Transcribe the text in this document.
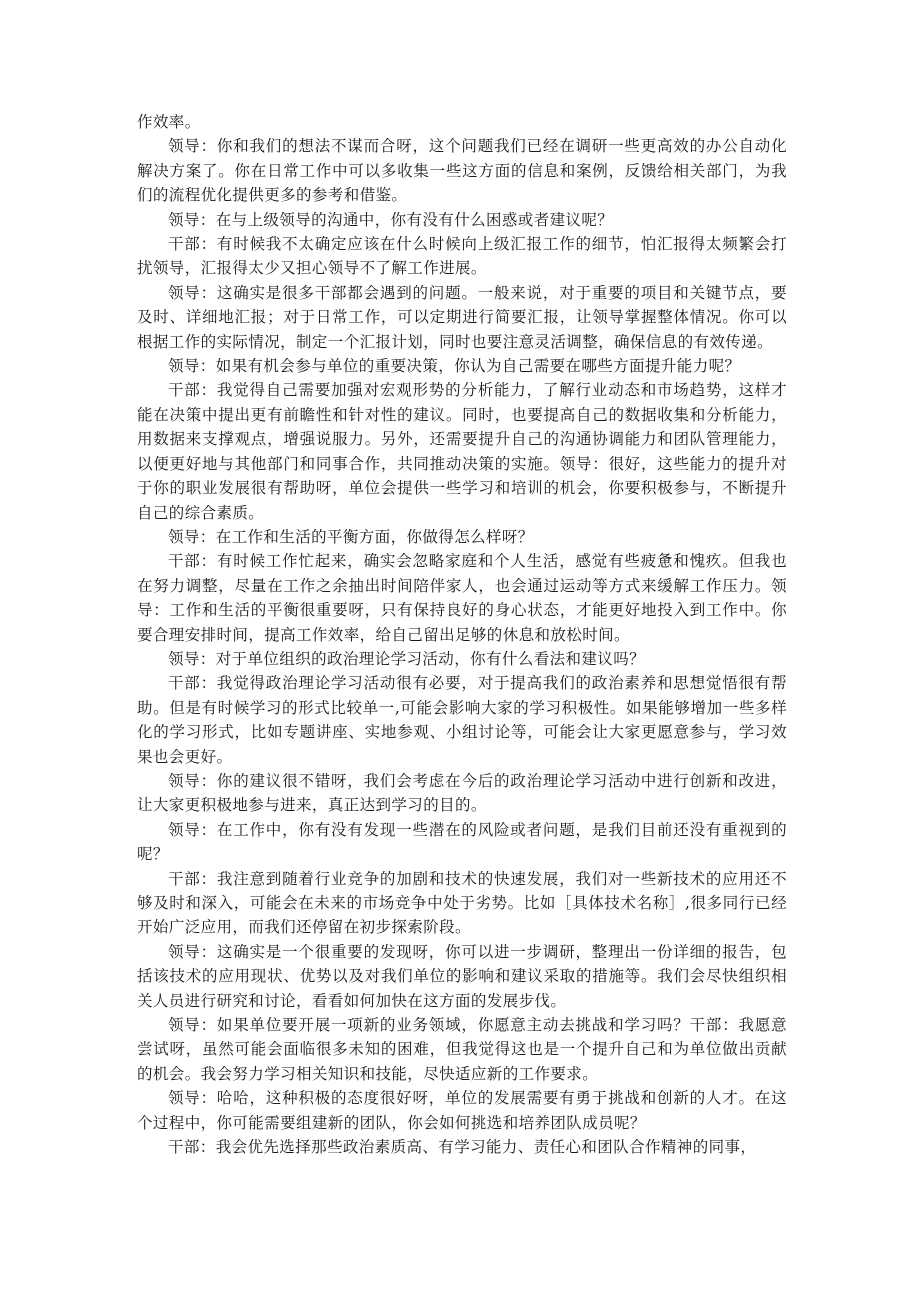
作效率。

领导：你和我们的想法不谋而合呀，这个问题我们已经在调研一些更高效的办公自动化解决方案了。你在日常工作中可以多收集一些这方面的信息和案例，反馈给相关部门，为我们的流程优化提供更多的参考和借鉴。

领导：在与上级领导的沟通中，你有没有什么困惑或者建议呢？

干部：有时候我不太确定应该在什么时候向上级汇报工作的细节，怕汇报得太频繁会打扰领导，汇报得太少又担心领导不了解工作进展。

领导：这确实是很多干部都会遇到的问题。一般来说，对于重要的项目和关键节点，要及时、详细地汇报；对于日常工作，可以定期进行简要汇报，让领导掌握整体情况。你可以根据工作的实际情况，制定一个汇报计划，同时也要注意灵活调整，确保信息的有效传递。

领导：如果有机会参与单位的重要决策，你认为自己需要在哪些方面提升能力呢？

干部：我觉得自己需要加强对宏观形势的分析能力，了解行业动态和市场趋势，这样才能在决策中提出更有前瞻性和针对性的建议。同时，也要提高自己的数据收集和分析能力，用数据来支撑观点，增强说服力。另外，还需要提升自己的沟通协调能力和团队管理能力，以便更好地与其他部门和同事合作，共同推动决策的实施。领导：很好，这些能力的提升对于你的职业发展很有帮助呀，单位会提供一些学习和培训的机会，你要积极参与，不断提升自己的综合素质。

领导：在工作和生活的平衡方面，你做得怎么样呀？

干部：有时候工作忙起来，确实会忽略家庭和个人生活，感觉有些疲惫和愧疚。但我也在努力调整，尽量在工作之余抽出时间陪伴家人，也会通过运动等方式来缓解工作压力。领导：工作和生活的平衡很重要呀，只有保持良好的身心状态，才能更好地投入到工作中。你要合理安排时间，提高工作效率，给自己留出足够的休息和放松时间。

领导：对于单位组织的政治理论学习活动，你有什么看法和建议吗？

干部：我觉得政治理论学习活动很有必要，对于提高我们的政治素养和思想觉悟很有帮助。但是有时候学习的形式比较单一,可能会影响大家的学习积极性。如果能够增加一些多样化的学习形式，比如专题讲座、实地参观、小组讨论等，可能会让大家更愿意参与，学习效果也会更好。

领导：你的建议很不错呀，我们会考虑在今后的政治理论学习活动中进行创新和改进，让大家更积极地参与进来，真正达到学习的目的。

领导：在工作中，你有没有发现一些潜在的风险或者问题，是我们目前还没有重视到的呢？

干部：我注意到随着行业竞争的加剧和技术的快速发展，我们对一些新技术的应用还不够及时和深入，可能会在未来的市场竞争中处于劣势。比如［具体技术名称］,很多同行已经开始广泛应用，而我们还停留在初步探索阶段。

领导：这确实是一个很重要的发现呀，你可以进一步调研，整理出一份详细的报告，包括该技术的应用现状、优势以及对我们单位的影响和建议采取的措施等。我们会尽快组织相关人员进行研究和讨论，看看如何加快在这方面的发展步伐。

领导：如果单位要开展一项新的业务领域，你愿意主动去挑战和学习吗？干部：我愿意尝试呀，虽然可能会面临很多未知的困难，但我觉得这也是一个提升自己和为单位做出贡献的机会。我会努力学习相关知识和技能，尽快适应新的工作要求。

领导：哈哈，这种积极的态度很好呀，单位的发展需要有勇于挑战和创新的人才。在这个过程中，你可能需要组建新的团队，你会如何挑选和培养团队成员呢？

干部：我会优先选择那些政治素质高、有学习能力、责任心和团队合作精神的同事，
